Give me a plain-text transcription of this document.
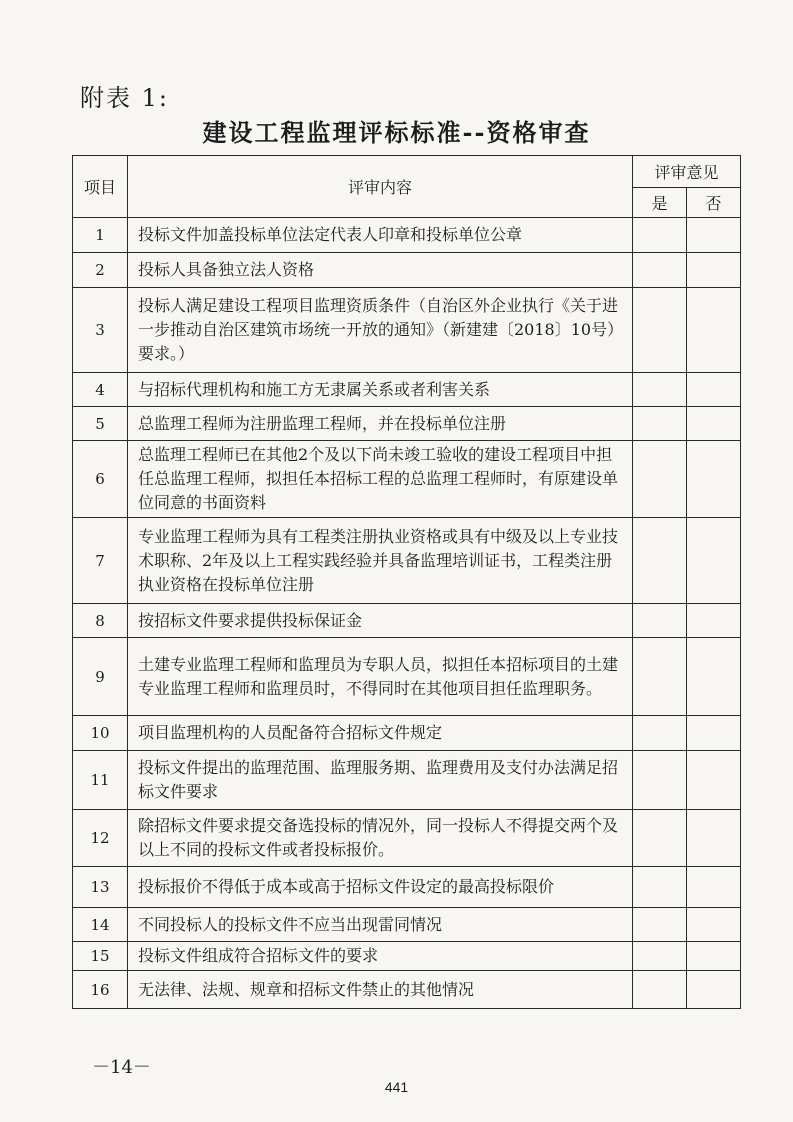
附表 1:
建设工程监理评标标准--资格审查
项目	评审内容	评审意见	
		是	否
1	投标文件加盖投标单位法定代表人印章和投标单位公章		
2	投标人具备独立法人资格		
3	投标人满足建设工程项目监理资质条件（自治区外企业执行《关于进一步推动自治区建筑市场统一开放的通知》（新建建〔2018〕10号）要求。）		
4	与招标代理机构和施工方无隶属关系或者利害关系		
5	总监理工程师为注册监理工程师，并在投标单位注册		
6	总监理工程师已在其他2个及以下尚未竣工验收的建设工程项目中担任总监理工程师，拟担任本招标工程的总监理工程师时，有原建设单位同意的书面资料		
7	专业监理工程师为具有工程类注册执业资格或具有中级及以上专业技术职称、2年及以上工程实践经验并具备监理培训证书，工程类注册执业资格在投标单位注册		
8	按招标文件要求提供投标保证金		
9	土建专业监理工程师和监理员为专职人员，拟担任本招标项目的土建专业监理工程师和监理员时，不得同时在其他项目担任监理职务。		
10	项目监理机构的人员配备符合招标文件规定		
11	投标文件提出的监理范围、监理服务期、监理费用及支付办法满足招标文件要求		
12	除招标文件要求提交备选投标的情况外，同一投标人不得提交两个及以上不同的投标文件或者投标报价。		
13	投标报价不得低于成本或高于招标文件设定的最高投标限价		
14	不同投标人的投标文件不应当出现雷同情况		
15	投标文件组成符合招标文件的要求		
16	无法律、法规、规章和招标文件禁止的其他情况		
－14－
441
